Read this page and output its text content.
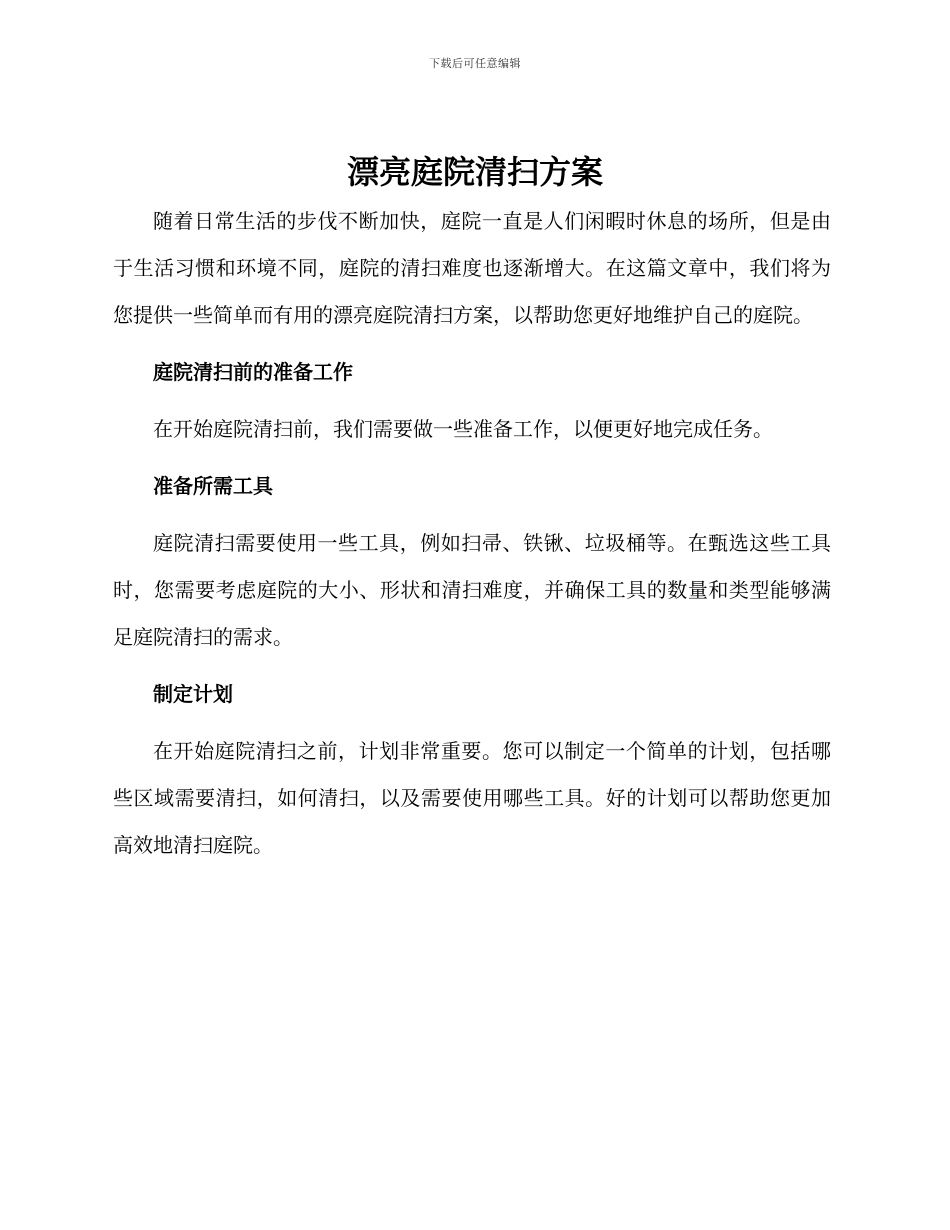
下载后可任意编辑
漂亮庭院清扫方案

随着日常生活的步伐不断加快，庭院一直是人们闲暇时休息的场所，但是由于生活习惯和环境不同，庭院的清扫难度也逐渐增大。在这篇文章中，我们将为您提供一些简单而有用的漂亮庭院清扫方案，以帮助您更好地维护自己的庭院。

庭院清扫前的准备工作

在开始庭院清扫前，我们需要做一些准备工作，以便更好地完成任务。

准备所需工具

庭院清扫需要使用一些工具，例如扫帚、铁锹、垃圾桶等。在甄选这些工具时，您需要考虑庭院的大小、形状和清扫难度，并确保工具的数量和类型能够满足庭院清扫的需求。

制定计划

在开始庭院清扫之前，计划非常重要。您可以制定一个简单的计划，包括哪些区域需要清扫，如何清扫，以及需要使用哪些工具。好的计划可以帮助您更加高效地清扫庭院。
